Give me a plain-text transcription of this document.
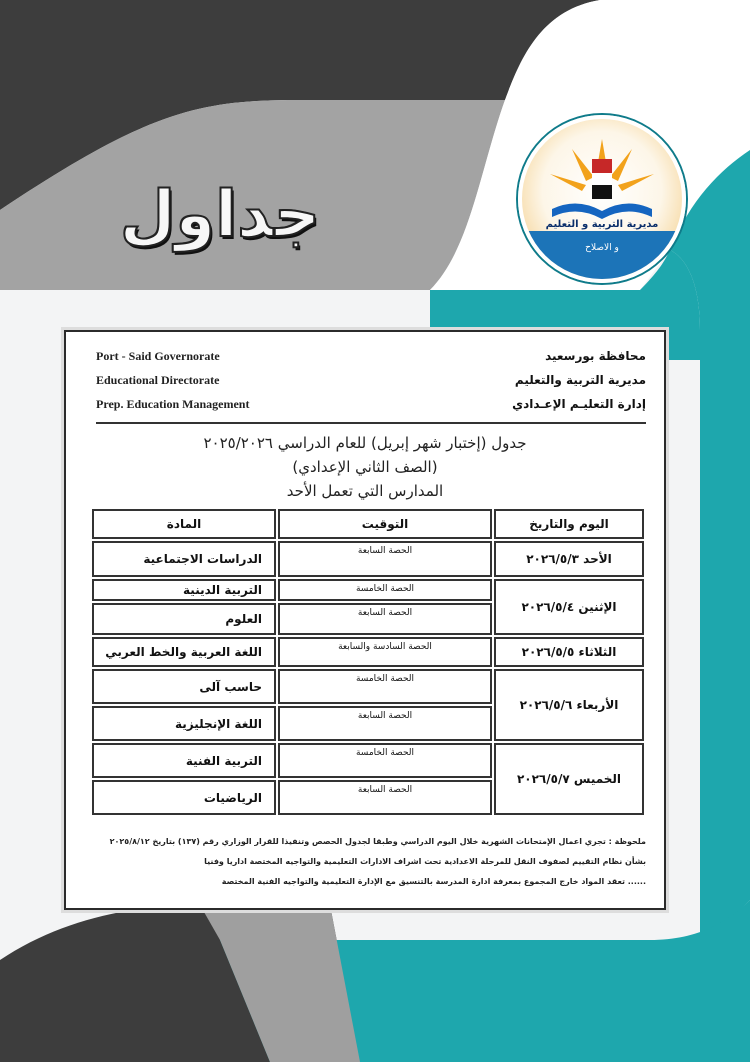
جداول	مديرية التربية و التعليم
و الاصلاح
Port - Said Governorate
Educational Directorate
Prep. Education Management
محافظة بورسعيد
مديرية التربية والتعليم
إدارة التعليـم الإعـدادي
جدول (إختبار شهر إبريل) للعام الدراسي ٢٠٢٥/٢٠٢٦
(الصف الثاني الإعدادي)
المدارس التي تعمل الأحد
اليوم والتاريخ	التوقيت	المادة
الأحد ٢٠٢٦/٥/٣	الحصة السابعة	الدراسات الاجتماعية
الإثنين ٢٠٢٦/٥/٤	الحصة الخامسة	التربية الدينية
	الحصة السابعة	العلوم
الثلاثاء ٢٠٢٦/٥/٥	الحصة السادسة والسابعة	اللغة العربية والخط العربي
الأربعاء ٢٠٢٦/٥/٦	الحصة الخامسة	حاسب آلى
	الحصة السابعة	اللغة الإنجليزية
الخميس ٢٠٢٦/٥/٧	الحصة الخامسة	التربية الفنية
	الحصة السابعة	الرياضيات
ملحوظة : تجري اعمال الإمتحانات الشهرية خلال اليوم الدراسي وطبقا لجدول الحصص وتنفيذا للقرار الوزاري رقم (١٣٧) بتاريخ ٢٠٢٥/٨/١٢
بشأن نظام التقييم لصفوف النقل للمرحلة الاعدادية تحت اشراف الادارات التعليمية والتواجيه المختصة اداريا وفنيا
...... تعقد المواد خارج المجموع بمعرفة ادارة المدرسة بالتنسيق مع الإدارة التعليمية والتواجيه الفنية المختصة
